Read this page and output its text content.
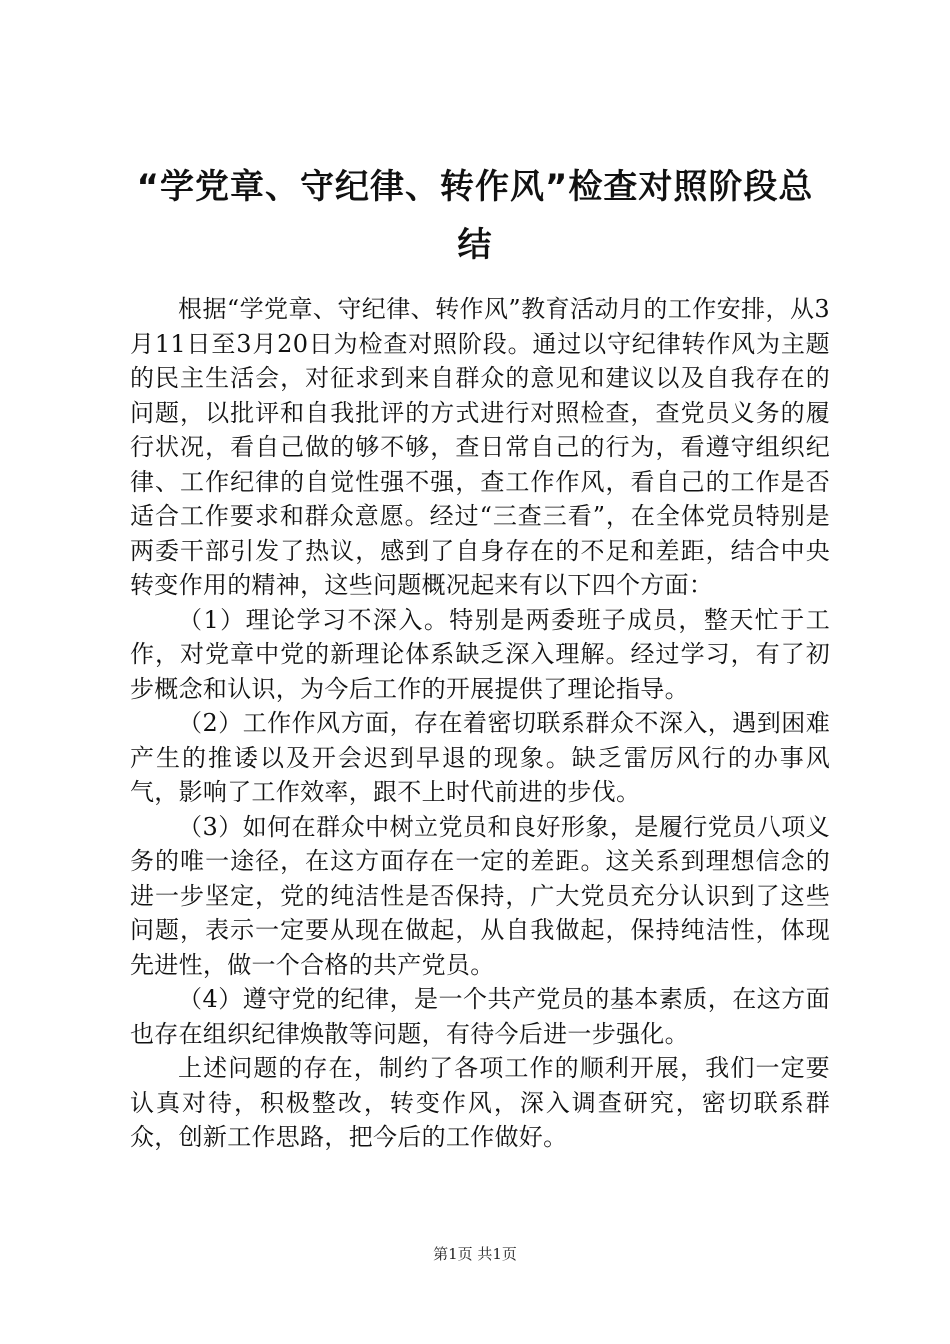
“学党章、守纪律、转作风”检查对照阶段总结

根据“学党章、守纪律、转作风”教育活动月的工作安排，从3月11日至3月20日为检查对照阶段。通过以守纪律转作风为主题的民主生活会，对征求到来自群众的意见和建议以及自我存在的问题，以批评和自我批评的方式进行对照检查，查党员义务的履行状况，看自己做的够不够，查日常自己的行为，看遵守组织纪律、工作纪律的自觉性强不强，查工作作风，看自己的工作是否适合工作要求和群众意愿。经过“三查三看”，在全体党员特别是两委干部引发了热议，感到了自身存在的不足和差距，结合中央转变作用的精神，这些问题概况起来有以下四个方面：

（1）理论学习不深入。特别是两委班子成员，整天忙于工作，对党章中党的新理论体系缺乏深入理解。经过学习，有了初步概念和认识，为今后工作的开展提供了理论指导。

（2）工作作风方面，存在着密切联系群众不深入，遇到困难产生的推诿以及开会迟到早退的现象。缺乏雷厉风行的办事风气，影响了工作效率，跟不上时代前进的步伐。

（3）如何在群众中树立党员和良好形象，是履行党员八项义务的唯一途径，在这方面存在一定的差距。这关系到理想信念的进一步坚定，党的纯洁性是否保持，广大党员充分认识到了这些问题，表示一定要从现在做起，从自我做起，保持纯洁性，体现先进性，做一个合格的共产党员。

（4）遵守党的纪律，是一个共产党员的基本素质，在这方面也存在组织纪律焕散等问题，有待今后进一步强化。

上述问题的存在，制约了各项工作的顺利开展，我们一定要认真对待，积极整改，转变作风，深入调查研究，密切联系群众，创新工作思路，把今后的工作做好。

第1页 共1页
